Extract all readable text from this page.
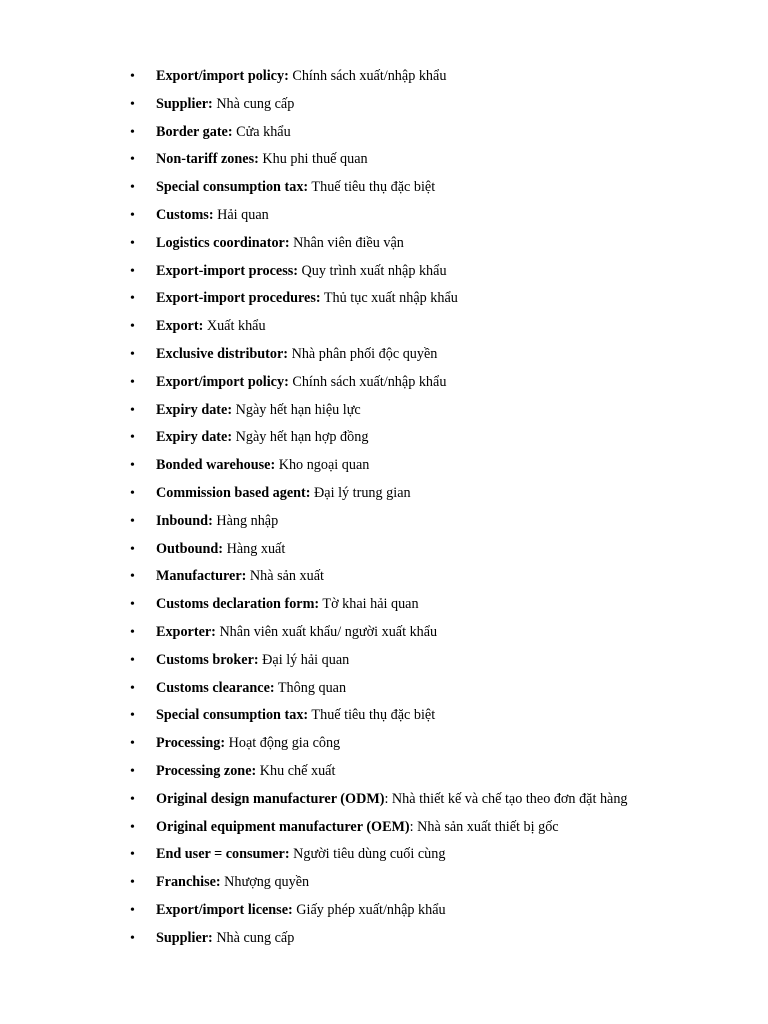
•	Export/import policy: Chính sách xuất/nhập khẩu
•	Supplier: Nhà cung cấp
•	Border gate: Cửa khẩu
•	Non-tariff zones: Khu phi thuế quan
•	Special consumption tax: Thuế tiêu thụ đặc biệt
•	Customs: Hải quan
•	Logistics coordinator: Nhân viên điều vận
•	Export-import process: Quy trình xuất nhập khẩu
•	Export-import procedures: Thủ tục xuất nhập khẩu
•	Export: Xuất khẩu
•	Exclusive distributor: Nhà phân phối độc quyền
•	Export/import policy: Chính sách xuất/nhập khẩu
•	Expiry date: Ngày hết hạn hiệu lực
•	Expiry date: Ngày hết hạn hợp đồng
•	Bonded warehouse: Kho ngoại quan
•	Commission based agent: Đại lý trung gian
•	Inbound: Hàng nhập
•	Outbound: Hàng xuất
•	Manufacturer: Nhà sản xuất
•	Customs declaration form: Tờ khai hải quan
•	Exporter: Nhân viên xuất khẩu/ người xuất khẩu
•	Customs broker: Đại lý hải quan
•	Customs clearance: Thông quan
•	Special consumption tax: Thuế tiêu thụ đặc biệt
•	Processing: Hoạt động gia công
•	Processing zone: Khu chế xuất
•	Original design manufacturer (ODM): Nhà thiết kế và chế tạo theo đơn đặt hàng
•	Original equipment manufacturer (OEM): Nhà sản xuất thiết bị gốc
•	End user = consumer: Người tiêu dùng cuối cùng
•	Franchise: Nhượng quyền
•	Export/import license: Giấy phép xuất/nhập khẩu
•	Supplier: Nhà cung cấp
